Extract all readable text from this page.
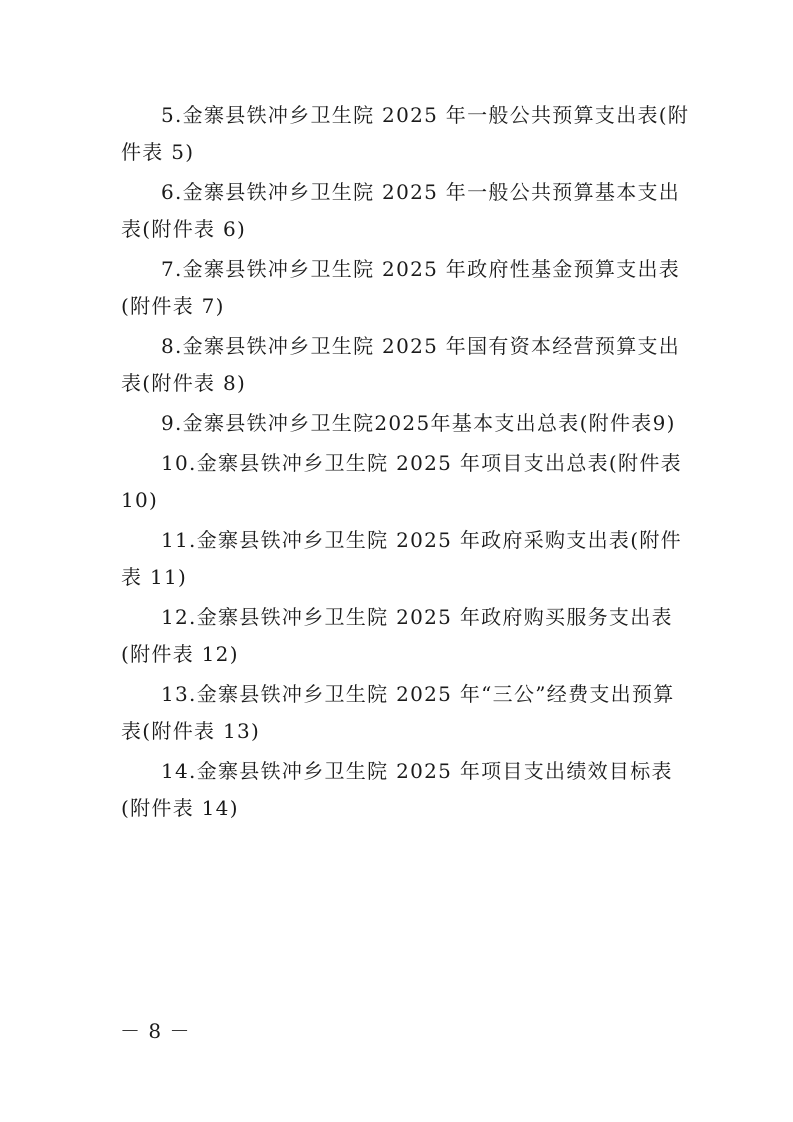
5.金寨县铁冲乡卫生院 2025 年一般公共预算支出表(附
件表 5)

6.金寨县铁冲乡卫生院 2025 年一般公共预算基本支出
表(附件表 6)

7.金寨县铁冲乡卫生院 2025 年政府性基金预算支出表
(附件表 7)

8.金寨县铁冲乡卫生院 2025 年国有资本经营预算支出
表(附件表 8)

9.金寨县铁冲乡卫生院2025年基本支出总表(附件表9)

10.金寨县铁冲乡卫生院 2025 年项目支出总表(附件表
10)

11.金寨县铁冲乡卫生院 2025 年政府采购支出表(附件
表 11)

12.金寨县铁冲乡卫生院 2025 年政府购买服务支出表
(附件表 12)

13.金寨县铁冲乡卫生院 2025 年“三公”经费支出预算
表(附件表 13)

14.金寨县铁冲乡卫生院 2025 年项目支出绩效目标表
(附件表 14)

－ 8 －
